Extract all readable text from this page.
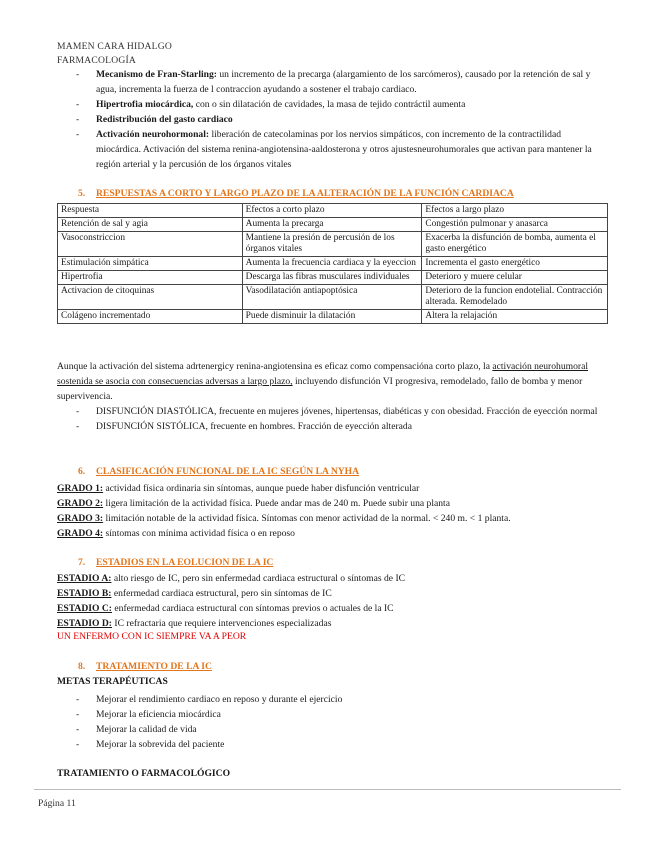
MAMEN CARA HIDALGO
FARMACOLOGÍA
- Mecanismo de Fran-Starling: un incremento de la precarga (alargamiento de los sarcómeros), causado por la retención de sal y agua, incrementa la fuerza de l contraccion ayudando a sostener el trabajo cardiaco.
- Hipertrofia miocárdica, con o sin dilatación de cavidades, la masa de tejido contráctil aumenta
- Redistribución del gasto cardiaco
- Activación neurohormonal: liberación de catecolaminas por los nervios simpáticos, con incremento de la contractilidad miocárdica. Activación del sistema renina-angiotensina-aaldosterona y otros ajustesneurohumorales que activan para mantener la región arterial y la percusión de los órganos vitales
5. RESPUESTAS A CORTO Y LARGO PLAZO DE LA ALTERACIÓN DE LA FUNCIÓN CARDIACA
Respuesta	Efectos a corto plazo	Efectos a largo plazo
Retención de sal y agia	Aumenta la precarga	Congestión pulmonar y anasarca
Vasoconstriccion	Mantiene la presión de percusión de los órganos vitales	Exacerba la disfunción de bomba, aumenta el gasto energético
Estimulación simpática	Aumenta la frecuencia cardiaca y la eyeccion	Incrementa el gasto energético
Hipertrofia	Descarga las fibras musculares individuales	Deterioro y muere celular
Activacion de citoquinas	Vasodilatación antiapoptósica	Deterioro de la funcion endotelial. Contracción alterada. Remodelado
Colágeno incrementado	Puede disminuir la dilatación	Altera la relajación
Aunque la activación del sistema adrtenergicy renina-angiotensina es eficaz como compensacióna corto plazo, la activación neurohumoral sostenida se asocia con consecuencias adversas a largo plazo, incluyendo disfunción VI progresiva, remodelado, fallo de bomba y menor supervivencia.
- DISFUNCIÓN DIASTÓLICA, frecuente en mujeres jóvenes, hipertensas, diabéticas y con obesidad. Fracción de eyección normal
- DISFUNCIÓN SISTÓLICA, frecuente en hombres. Fracción de eyección alterada
6. CLASIFICACIÓN FUNCIONAL DE LA IC SEGÚN LA NYHA
GRADO 1: actividad física ordinaria sin síntomas, aunque puede haber disfunción ventricular
GRADO 2: ligera limitación de la actividad física. Puede andar mas de 240 m. Puede subir una planta
GRADO 3: limitación notable de la actividad física. Síntomas con menor actividad de la normal. < 240 m. < 1 planta.
GRADO 4: síntomas con mínima actividad física o en reposo
7. ESTADIOS EN LA EOLUCION DE LA IC
ESTADIO A: alto riesgo de IC, pero sin enfermedad cardiaca estructural o síntomas de IC
ESTADIO B: enfermedad cardiaca estructural, pero sin síntomas de IC
ESTADIO C: enfermedad cardiaca estructural con síntomas previos o actuales de la IC
ESTADIO D: IC refractaria que requiere intervenciones especializadas
UN ENFERMO CON IC SIEMPRE VA A PEOR
8. TRATAMIENTO DE LA IC
METAS TERAPÉUTICAS
- Mejorar el rendimiento cardiaco en reposo y durante el ejercicio
- Mejorar la eficiencia miocárdica
- Mejorar la calidad de vida
- Mejorar la sobrevida del paciente
TRATAMIENTO O FARMACOLÓGICO
Página 11
